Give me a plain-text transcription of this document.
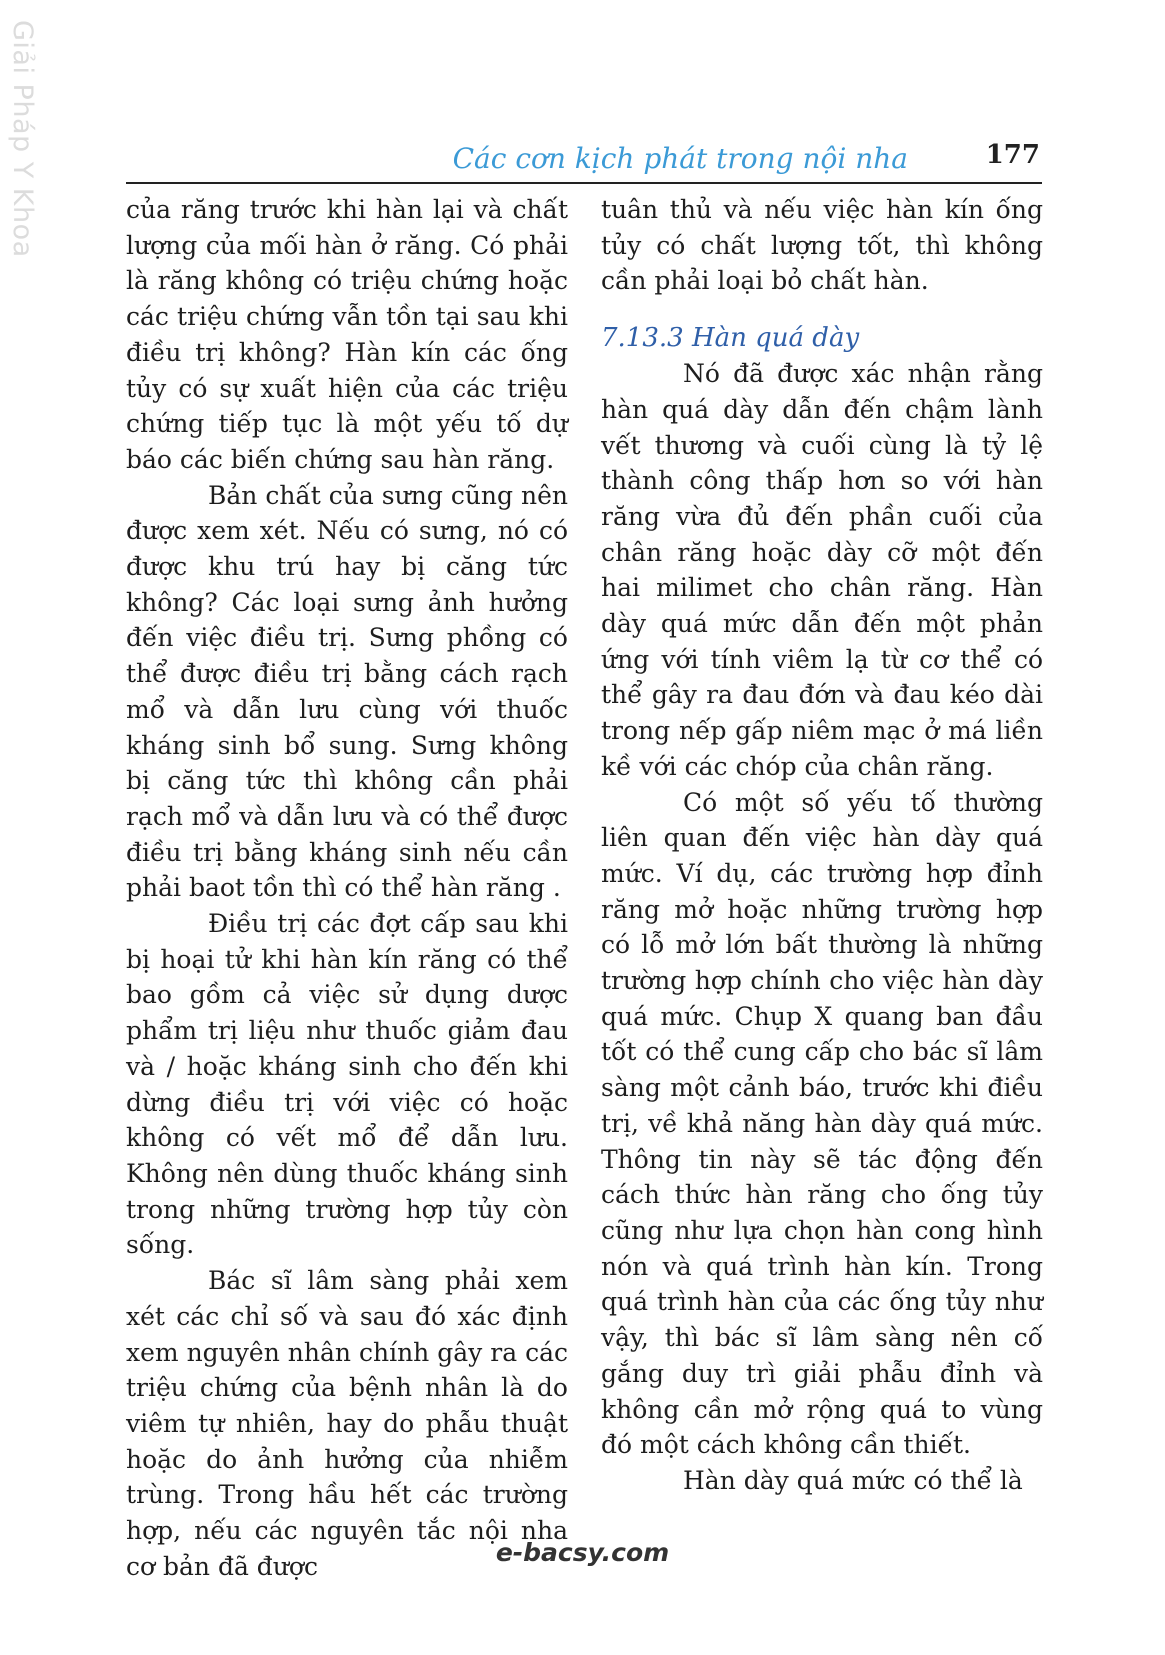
Giải Pháp Y Khoa	Các cơn kịch phát trong nội nha	177

của răng trước khi hàn lại và chất lượng của mối hàn ở răng. Có phải là răng không có triệu chứng hoặc các triệu chứng vẫn tồn tại sau khi điều trị không? Hàn kín các ống tủy có sự xuất hiện của các triệu chứng tiếp tục là một yếu tố dự báo các biến chứng sau hàn răng.

Bản chất của sưng cũng nên được xem xét. Nếu có sưng, nó có được khu trú hay bị căng tức không? Các loại sưng ảnh hưởng đến việc điều trị. Sưng phồng có thể được điều trị bằng cách rạch mổ và dẫn lưu cùng với thuốc kháng sinh bổ sung. Sưng không bị căng tức thì không cần phải rạch mổ và dẫn lưu và có thể được điều trị bằng kháng sinh nếu cần phải baot tồn thì có thể hàn răng .

Điều trị các đợt cấp sau khi bị hoại tử khi hàn kín răng có thể bao gồm cả việc sử dụng dược phẩm trị liệu như thuốc giảm đau và / hoặc kháng sinh cho đến khi dừng điều trị với việc có hoặc không có vết mổ để dẫn lưu. Không nên dùng thuốc kháng sinh trong những trường hợp tủy còn sống.

Bác sĩ lâm sàng phải xem xét các chỉ số và sau đó xác định xem nguyên nhân chính gây ra các triệu chứng của bệnh nhân là do viêm tự nhiên, hay do phẫu thuật hoặc do ảnh hưởng của nhiễm trùng. Trong hầu hết các trường hợp, nếu các nguyên tắc nội nha cơ bản đã được

tuân thủ và nếu việc hàn kín ống tủy có chất lượng tốt, thì không cần phải loại bỏ chất hàn.

7.13.3 Hàn quá dày

Nó đã được xác nhận rằng hàn quá dày dẫn đến chậm lành vết thương và cuối cùng là tỷ lệ thành công thấp hơn so với hàn răng vừa đủ đến phần cuối của chân răng hoặc dày cỡ một đến hai milimet cho chân răng. Hàn dày quá mức dẫn đến một phản ứng với tính viêm lạ từ cơ thể có thể gây ra đau đớn và đau kéo dài trong nếp gấp niêm mạc ở má liền kề với các chóp của chân răng.

Có một số yếu tố thường liên quan đến việc hàn dày quá mức. Ví dụ, các trường hợp đỉnh răng mở hoặc những trường hợp có lỗ mở lớn bất thường là những trường hợp chính cho việc hàn dày quá mức. Chụp X quang ban đầu tốt có thể cung cấp cho bác sĩ lâm sàng một cảnh báo, trước khi điều trị, về khả năng hàn dày quá mức. Thông tin này sẽ tác động đến cách thức hàn răng cho ống tủy cũng như lựa chọn hàn cong hình nón và quá trình hàn kín. Trong quá trình hàn của các ống tủy như vậy, thì bác sĩ lâm sàng nên cố gắng duy trì giải phẫu đỉnh và không cần mở rộng quá to vùng đó một cách không cần thiết.

Hàn dày quá mức có thể là

e-bacsy.com
